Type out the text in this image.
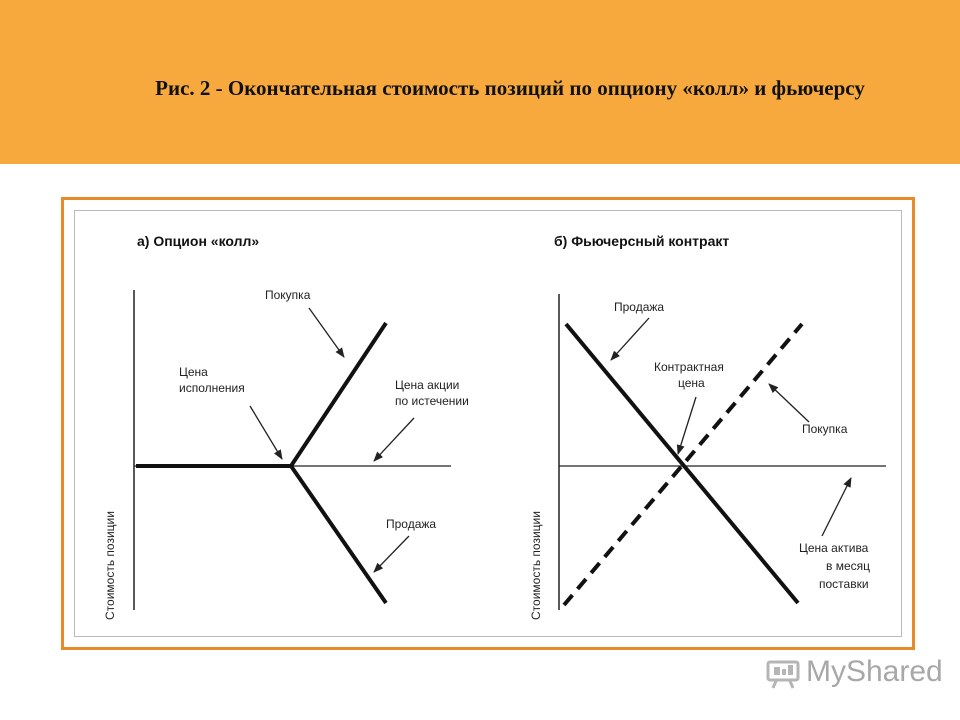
Рис. 2 - Окончательная стоимость позиций по опциону «колл» и фьючерсу
а) Опцион «колл»
Стоимость позиции
Покупка
Цена
исполнения	Цена акции
по истечении
Продажа
б) Фьючерсный контракт
Стоимость позиции
Продажа
Контрактная
цена
Покупка
Цена актива
в месяц
поставки
MyShared
